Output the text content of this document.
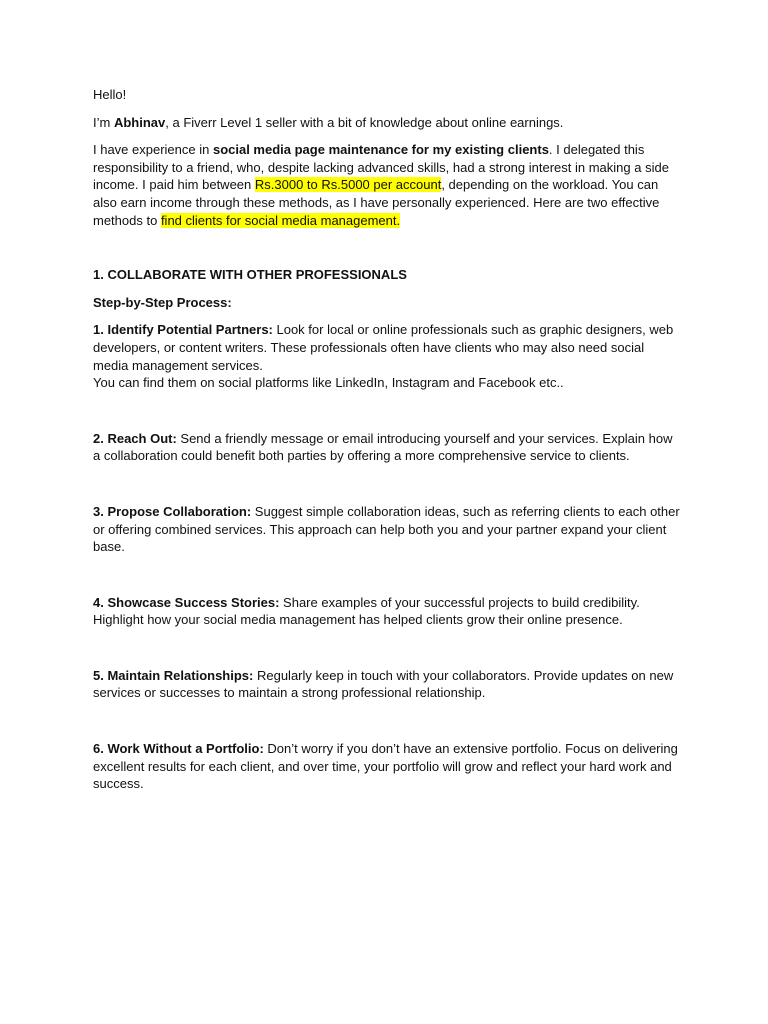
Hello!

I’m Abhinav, a Fiverr Level 1 seller with a bit of knowledge about online earnings.

I have experience in social media page maintenance for my existing clients. I delegated this responsibility to a friend, who, despite lacking advanced skills, had a strong interest in making a side income. I paid him between Rs.3000 to Rs.5000 per account, depending on the workload. You can also earn income through these methods, as I have personally experienced. Here are two effective methods to find clients for social media management.

1. COLLABORATE WITH OTHER PROFESSIONALS

Step-by-Step Process:

1. Identify Potential Partners: Look for local or online professionals such as graphic designers, web developers, or content writers. These professionals often have clients who may also need social media management services.
You can find them on social platforms like LinkedIn, Instagram and Facebook etc..

2. Reach Out: Send a friendly message or email introducing yourself and your services. Explain how a collaboration could benefit both parties by offering a more comprehensive service to clients.

3. Propose Collaboration: Suggest simple collaboration ideas, such as referring clients to each other or offering combined services. This approach can help both you and your partner expand your client base.

4. Showcase Success Stories: Share examples of your successful projects to build credibility. Highlight how your social media management has helped clients grow their online presence.

5. Maintain Relationships: Regularly keep in touch with your collaborators. Provide updates on new services or successes to maintain a strong professional relationship.

6. Work Without a Portfolio: Don’t worry if you don’t have an extensive portfolio. Focus on delivering excellent results for each client, and over time, your portfolio will grow and reflect your hard work and success.
